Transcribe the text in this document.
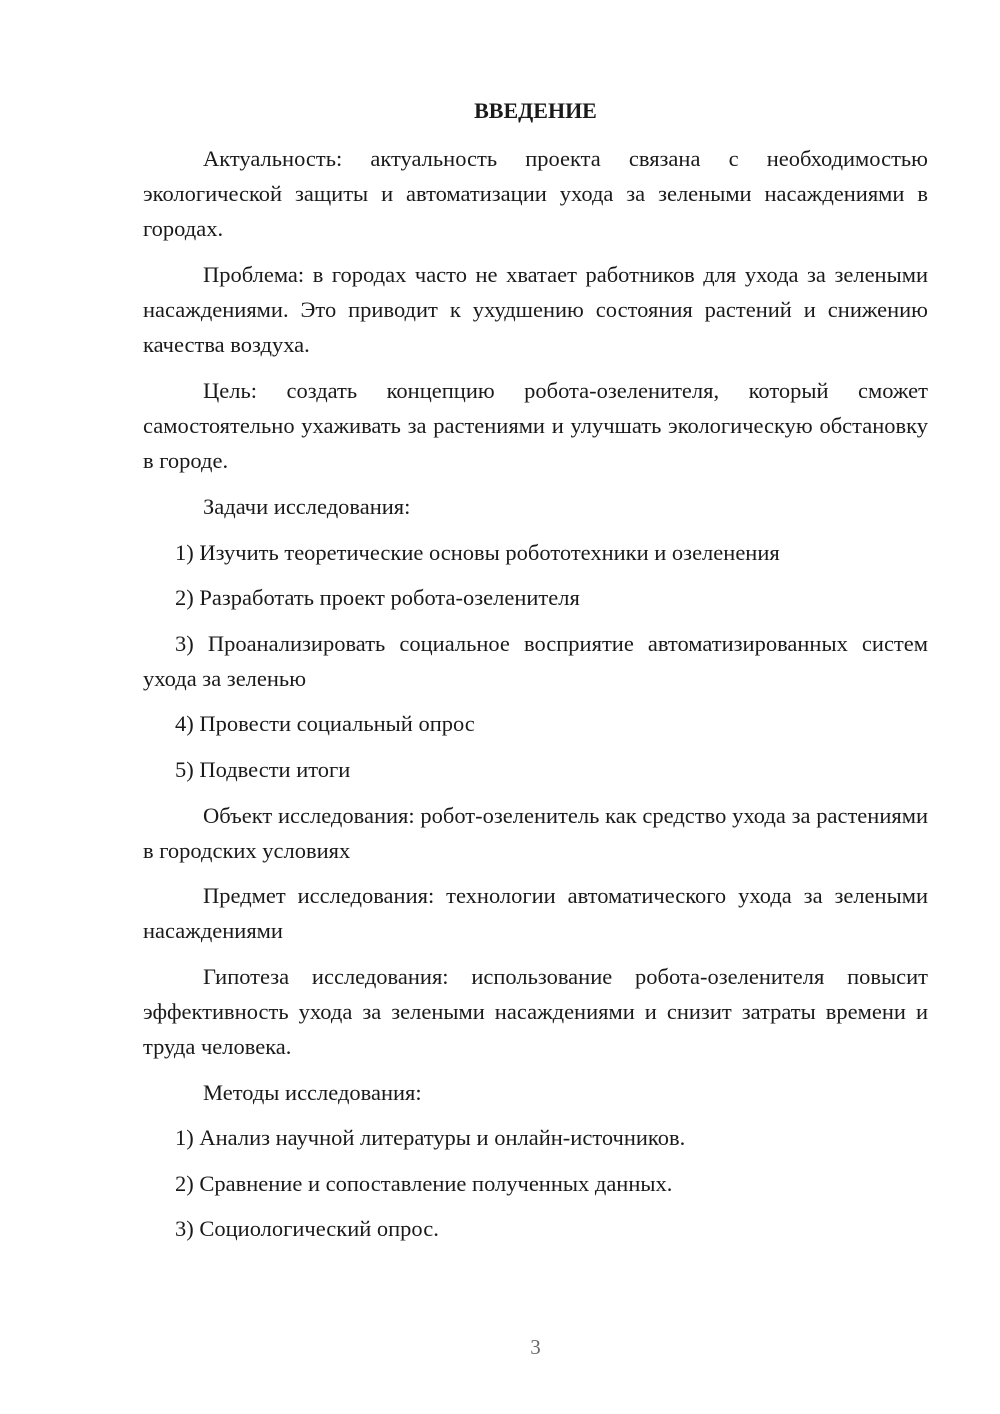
ВВЕДЕНИЕ

Актуальность: актуальность проекта связана с необходимостью экологической защиты и автоматизации ухода за зелеными насаждениями в городах.

Проблема: в городах часто не хватает работников для ухода за зелеными насаждениями. Это приводит к ухудшению состояния растений и снижению качества воздуха.

Цель: создать концепцию робота-озеленителя, который сможет самостоятельно ухаживать за растениями и улучшать экологическую обстановку в городе.

Задачи исследования:

1) Изучить теоретические основы робототехники и озеленения

2) Разработать проект робота-озеленителя

3) Проанализировать социальное восприятие автоматизированных систем ухода за зеленью

4) Провести социальный опрос

5) Подвести итоги

Объект исследования: робот-озеленитель как средство ухода за растениями в городских условиях

Предмет исследования: технологии автоматического ухода за зелеными насаждениями

Гипотеза исследования: использование робота-озеленителя повысит эффективность ухода за зелеными насаждениями и снизит затраты времени и труда человека.

Методы исследования:

1) Анализ научной литературы и онлайн-источников.

2) Сравнение и сопоставление полученных данных.

3) Социологический опрос.

3
